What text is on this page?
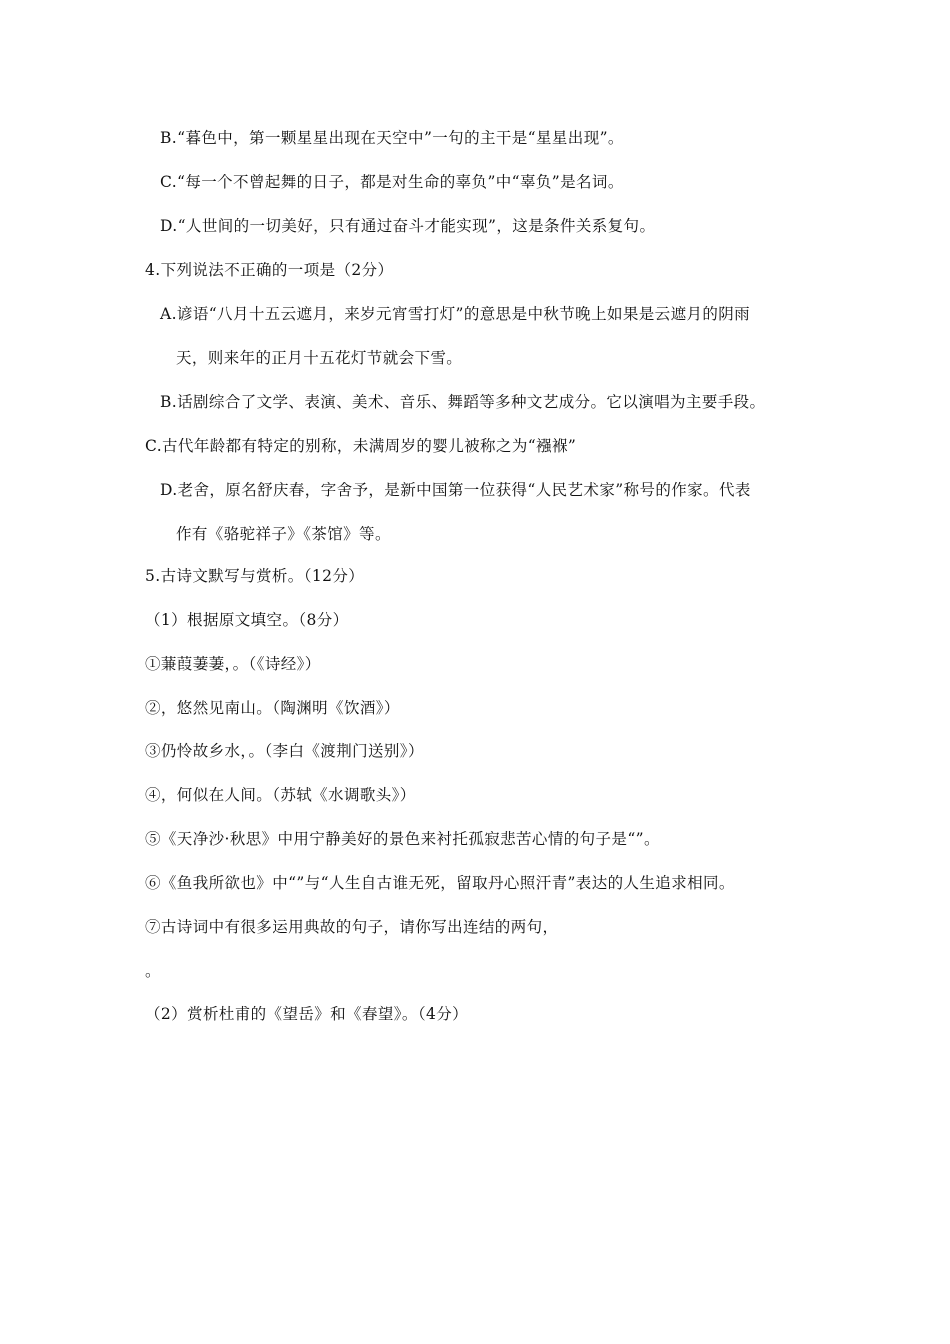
B.“暮色中，第一颗星星出现在天空中”一句的主干是“星星出现”。
C.“每一个不曾起舞的日子，都是对生命的辜负”中“辜负”是名词。
D.“人世间的一切美好，只有通过奋斗才能实现”，这是条件关系复句。
4.下列说法不正确的一项是（2分）
A.谚语“八月十五云遮月，来岁元宵雪打灯”的意思是中秋节晚上如果是云遮月的阴雨
天，则来年的正月十五花灯节就会下雪。
B.话剧综合了文学、表演、美术、音乐、舞蹈等多种文艺成分。它以演唱为主要手段。
C.古代年龄都有特定的别称，未满周岁的婴儿被称之为“襁褓”
D.老舍，原名舒庆春，字舍予，是新中国第一位获得“人民艺术家”称号的作家。代表
作有《骆驼祥子》《茶馆》等。
5.古诗文默写与赏析。（12分）
（1）根据原文填空。（8分）
①蒹葭萋萋，。（《诗经》）
②，悠然见南山。（陶渊明《饮酒》）
③仍怜故乡水，。（李白《渡荆门送别》）
④，何似在人间。（苏轼《水调歌头》）
⑤《天净沙·秋思》中用宁静美好的景色来衬托孤寂悲苦心情的句子是“”。
⑥《鱼我所欲也》中“”与“人生自古谁无死，留取丹心照汗青”表达的人生追求相同。
⑦古诗词中有很多运用典故的句子，请你写出连结的两句，
。
（2）赏析杜甫的《望岳》和《春望》。（4分）
